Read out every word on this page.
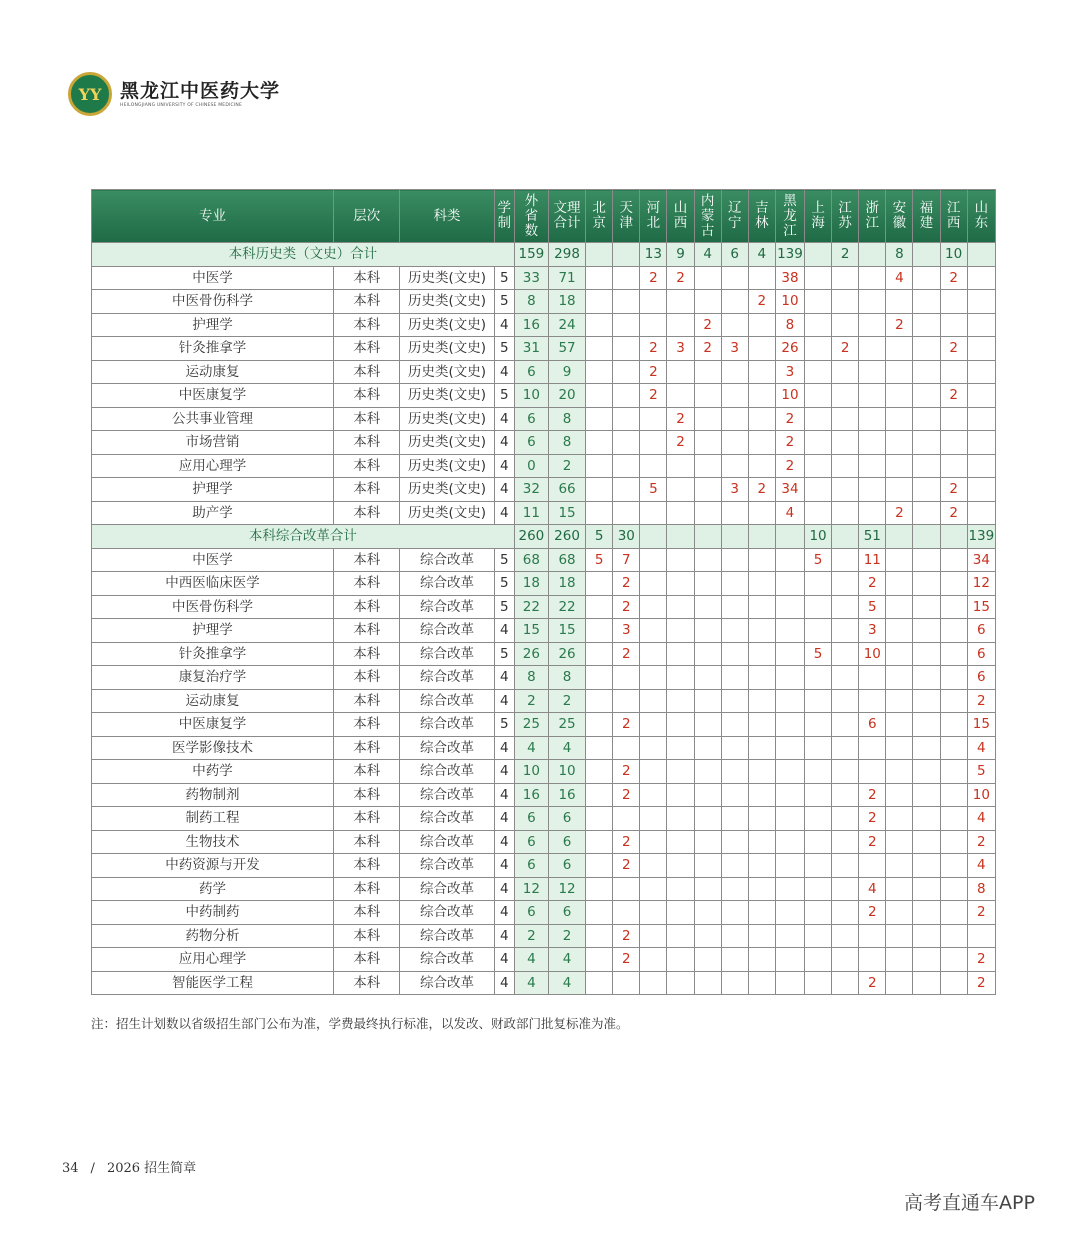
YY 黑龙江中医药大学
HEILONGJIANG UNIVERSITY OF CHINESE MEDICINE
专业	层次	科类	学
制	外
省
数	文理
合计	北
京	天
津	河
北	山
西	内
蒙
古	辽
宁	吉
林	黑
龙
江	上
海	江
苏	浙
江	安
徽	福
建	江
西	山
东

本科历史类（文史）合计				159	298			13	9	4	6	4	139		2		8		10	
中医学	本科	历史类(文史)	5	33	71			2	2				38				4		2	
中医骨伤科学	本科	历史类(文史)	5	8	18							2	10							
护理学	本科	历史类(文史)	4	16	24					2			8				2			
针灸推拿学	本科	历史类(文史)	5	31	57			2	3	2	3		26		2				2	
运动康复	本科	历史类(文史)	4	6	9			2					3							
中医康复学	本科	历史类(文史)	5	10	20			2					10						2	
公共事业管理	本科	历史类(文史)	4	6	8				2				2							
市场营销	本科	历史类(文史)	4	6	8				2				2							
应用心理学	本科	历史类(文史)	4	0	2								2							
护理学	本科	历史类(文史)	4	32	66			5			3	2	34						2	
助产学	本科	历史类(文史)	4	11	15								4				2		2	
本科综合改革合计				260	260	5	30							10		51				139
中医学	本科	综合改革	5	68	68	5	7							5		11				34
中西医临床医学	本科	综合改革	5	18	18		2									2				12
中医骨伤科学	本科	综合改革	5	22	22		2									5				15
护理学	本科	综合改革	4	15	15		3									3				6
针灸推拿学	本科	综合改革	5	26	26		2							5		10				6
康复治疗学	本科	综合改革	4	8	8															6
运动康复	本科	综合改革	4	2	2															2
中医康复学	本科	综合改革	5	25	25		2									6				15
医学影像技术	本科	综合改革	4	4	4															4
中药学	本科	综合改革	4	10	10		2													5
药物制剂	本科	综合改革	4	16	16		2									2				10
制药工程	本科	综合改革	4	6	6											2				4
生物技术	本科	综合改革	4	6	6		2									2				2
中药资源与开发	本科	综合改革	4	6	6		2													4
药学	本科	综合改革	4	12	12											4				8
中药制药	本科	综合改革	4	6	6											2				2
药物分析	本科	综合改革	4	2	2		2													
应用心理学	本科	综合改革	4	4	4		2													2
智能医学工程	本科	综合改革	4	4	4											2				2
注：招生计划数以省级招生部门公布为准，学费最终执行标准，以发改、财政部门批复标准为准。
34 / 2026 招生简章
高考直通车APP
